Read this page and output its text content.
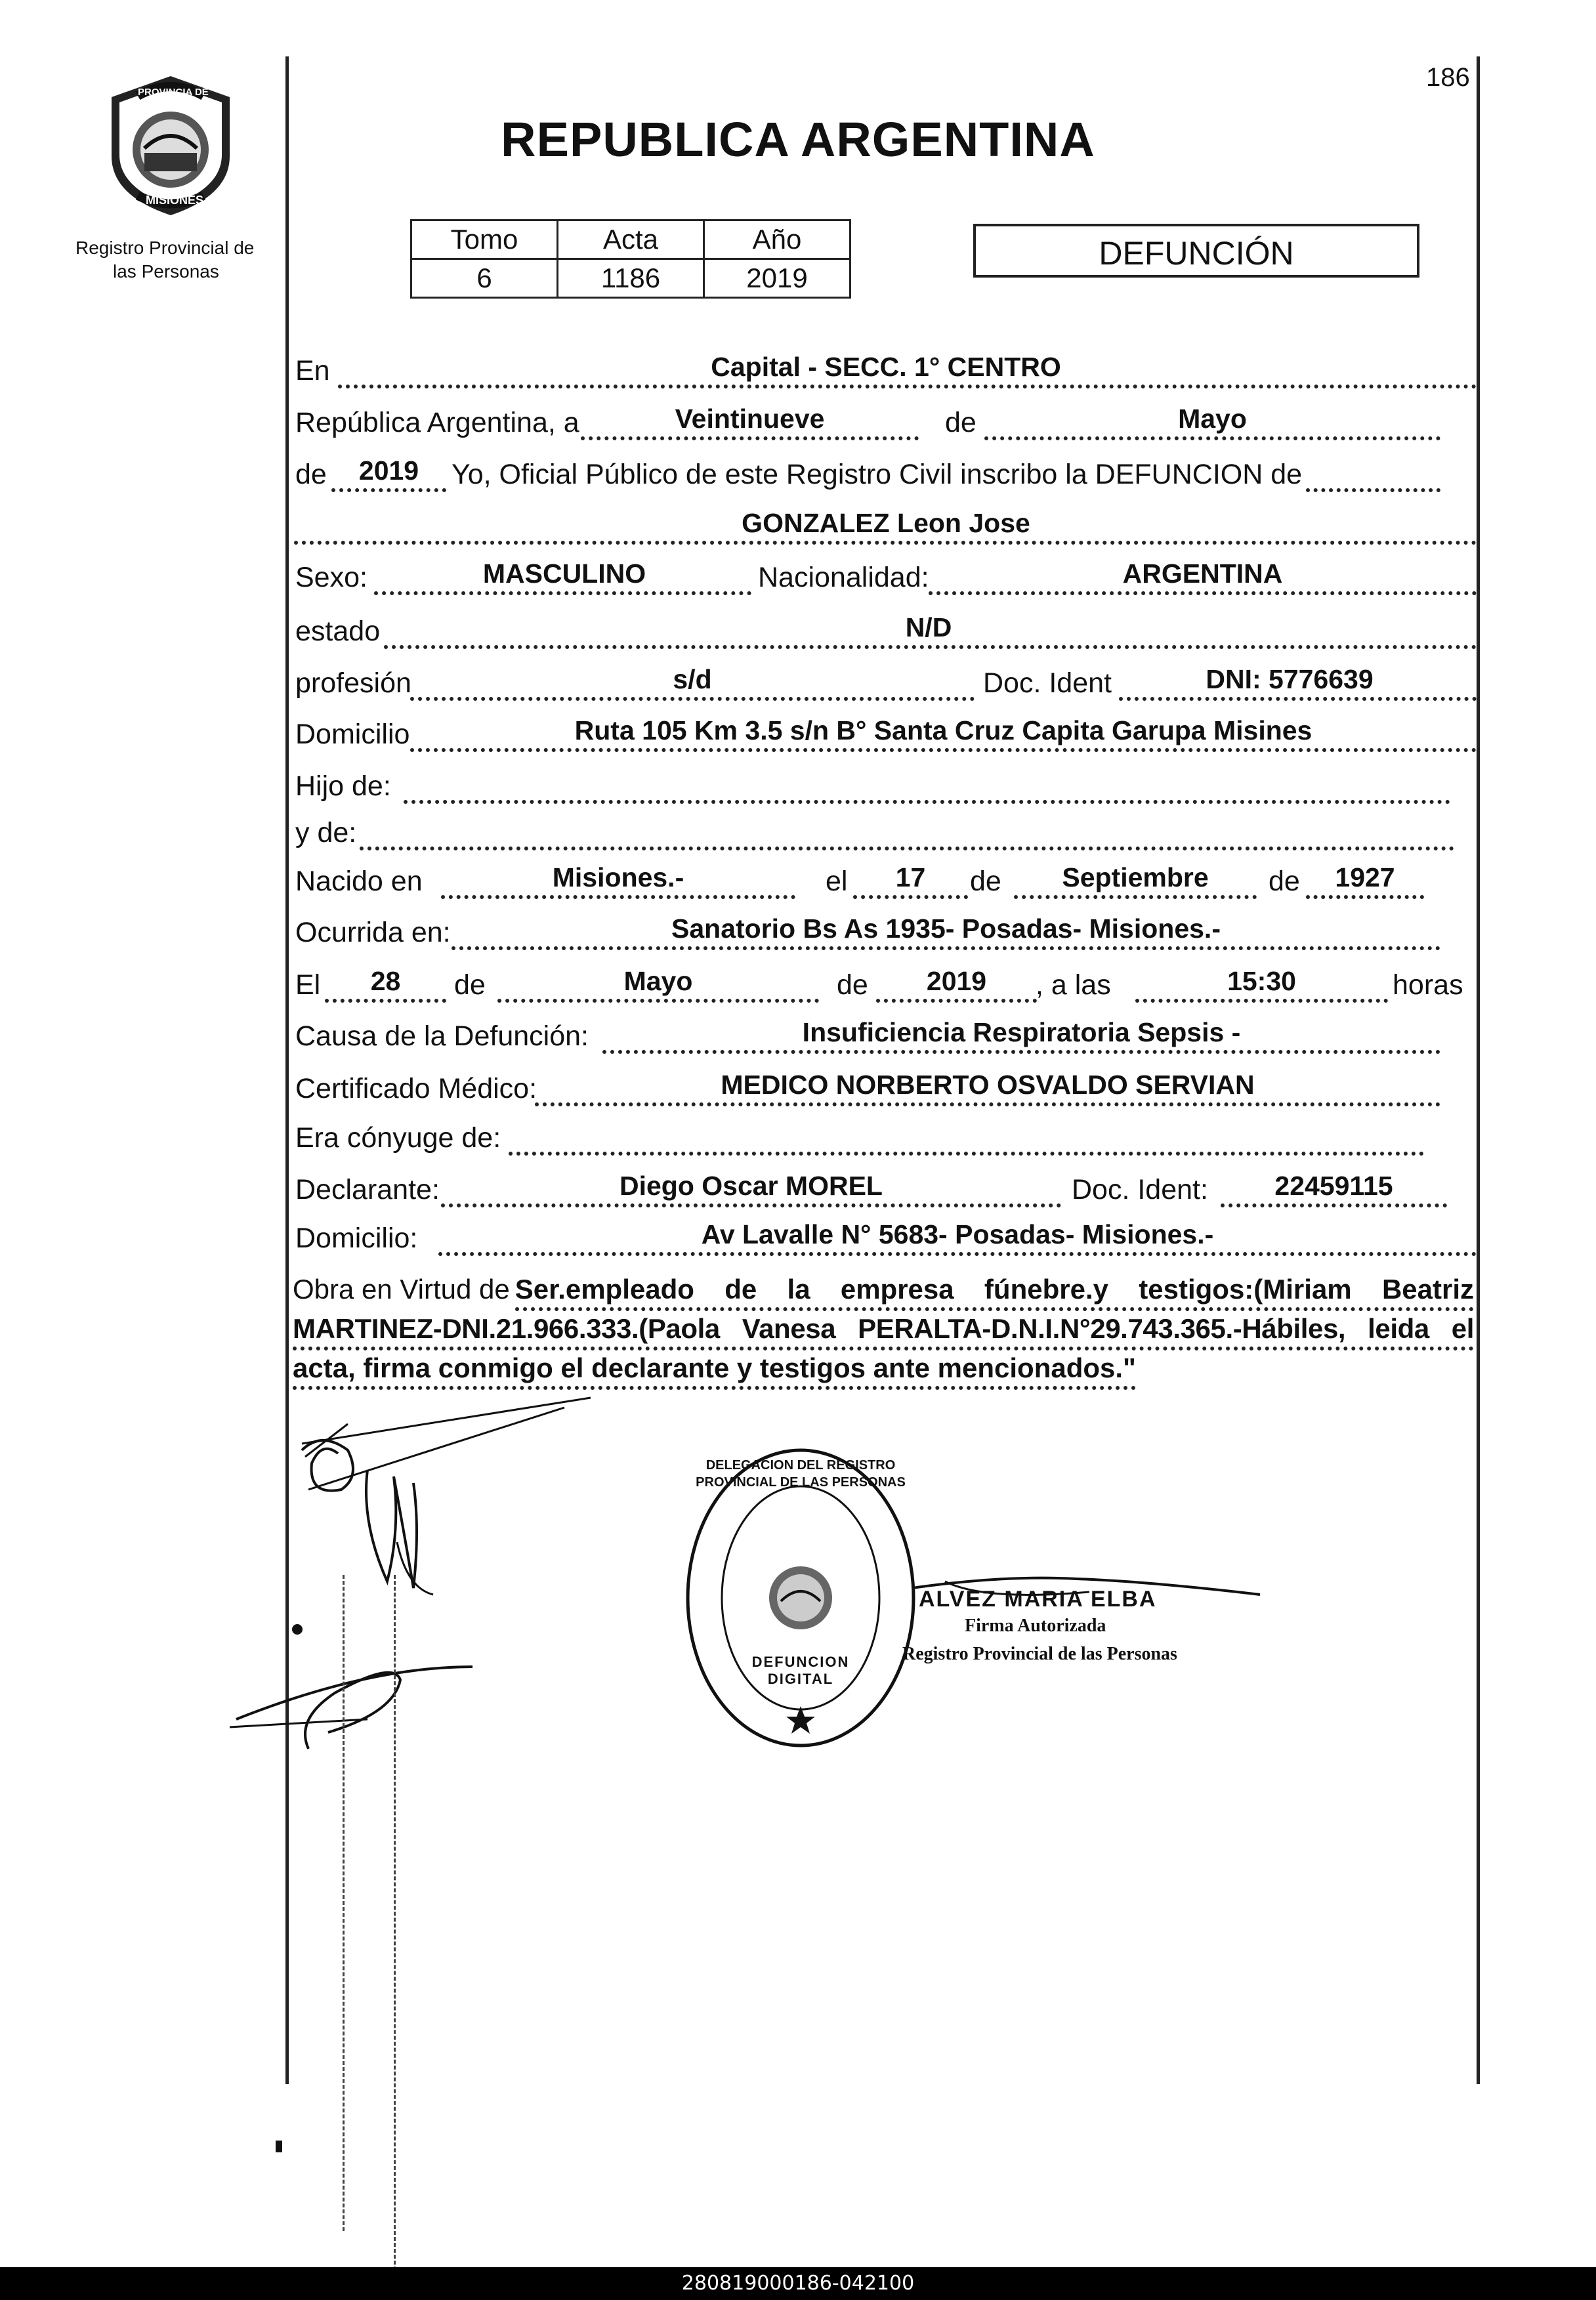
186
PROVINCIA DE
MISIONES
Registro Provincial de
las Personas
REPUBLICA ARGENTINA
Tomo	Acta	Año
6	1186	2019
DEFUNCIÓN
En	Capital - SECC. 1° CENTRO
República Argentina, a	Veintinueve	de	Mayo
de	2019	Yo, Oficial Público de este Registro Civil inscribo la DEFUNCION de
GONZALEZ Leon Jose
Sexo:	MASCULINO	Nacionalidad:	ARGENTINA
estado	N/D
profesión	s/d	Doc. Ident	DNI: 5776639
Domicilio	Ruta 105 Km 3.5 s/n B° Santa Cruz Capita Garupa Misines
Hijo de:
y de:
Nacido en	Misiones.-	el	17	de	Septiembre	de	1927
Ocurrida en:	Sanatorio Bs As 1935- Posadas- Misiones.-
El	28	de	Mayo	de	2019	, a las	15:30	horas
Causa de la Defunción:	Insuficiencia Respiratoria Sepsis -
Certificado Médico:	MEDICO NORBERTO OSVALDO SERVIAN
Era cónyuge de:
Declarante:	Diego Oscar MOREL	Doc. Ident:	22459115
Domicilio:	Av Lavalle N° 5683- Posadas- Misiones.-
Obra en Virtud de Ser.empleado de la empresa fúnebre.y testigos:(Miriam Beatriz
MARTINEZ-DNI.21.966.333.(Paola Vanesa PERALTA-D.N.I.N°29.743.365.-Hábiles, leida el
acta, firma conmigo el declarante y testigos ante mencionados."
DELEGACION DEL REGISTRO PROVINCIAL DE LAS PERSONAS
DEFUNCION DIGITAL
ALVEZ MARIA ELBA
Firma Autorizada
Registro Provincial de las Personas
280819000186-042100
